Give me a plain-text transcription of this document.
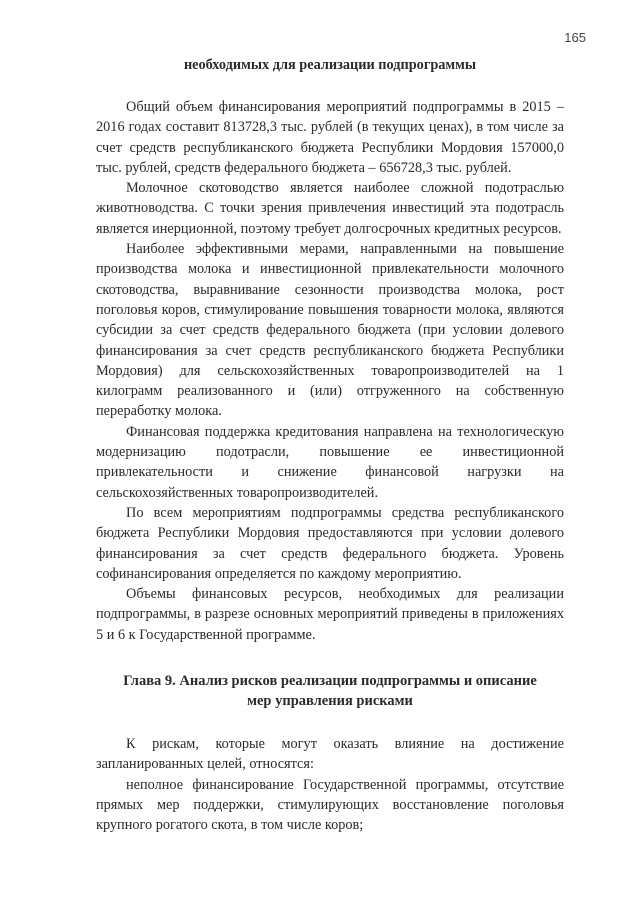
165
необходимых для реализации подпрограммы

Общий объем финансирования мероприятий подпрограммы в 2015 – 2016 годах составит 813728,3 тыс. рублей (в текущих ценах), в том числе за счет средств республиканского бюджета Республики Мордовия 157000,0 тыс. рублей, средств федерального бюджета – 656728,3 тыс. рублей.

Молочное скотоводство является наиболее сложной подотраслью животноводства. С точки зрения привлечения инвестиций эта подотрасль является инерционной, поэтому требует долгосрочных кредитных ресурсов.

Наиболее эффективными мерами, направленными на повышение производства молока и инвестиционной привлекательности молочного скотоводства, выравнивание сезонности производства молока, рост поголовья коров, стимулирование повышения товарности молока, являются субсидии за счет средств федерального бюджета (при условии долевого финансирования за счет средств республиканского бюджета Республики Мордовия) для сельскохозяйственных товаропроизводителей на 1 килограмм реализованного и (или) отгруженного на собственную переработку молока.

Финансовая поддержка кредитования направлена на технологическую модернизацию подотрасли, повышение ее инвестиционной привлекательности и снижение финансовой нагрузки на сельскохозяйственных товаропроизводителей.

По всем мероприятиям подпрограммы средства республиканского бюджета Республики Мордовия предоставляются при условии долевого финансирования за счет средств федерального бюджета. Уровень софинансирования определяется по каждому мероприятию.

Объемы финансовых ресурсов, необходимых для реализации подпрограммы, в разрезе основных мероприятий приведены в приложениях 5 и 6 к Государственной программе.

Глава 9. Анализ рисков реализации подпрограммы и описание
мер управления рисками

К рискам, которые могут оказать влияние на достижение запланированных целей, относятся:

неполное финансирование Государственной программы, отсутствие прямых мер поддержки, стимулирующих восстановление поголовья крупного рогатого скота, в том числе коров;
